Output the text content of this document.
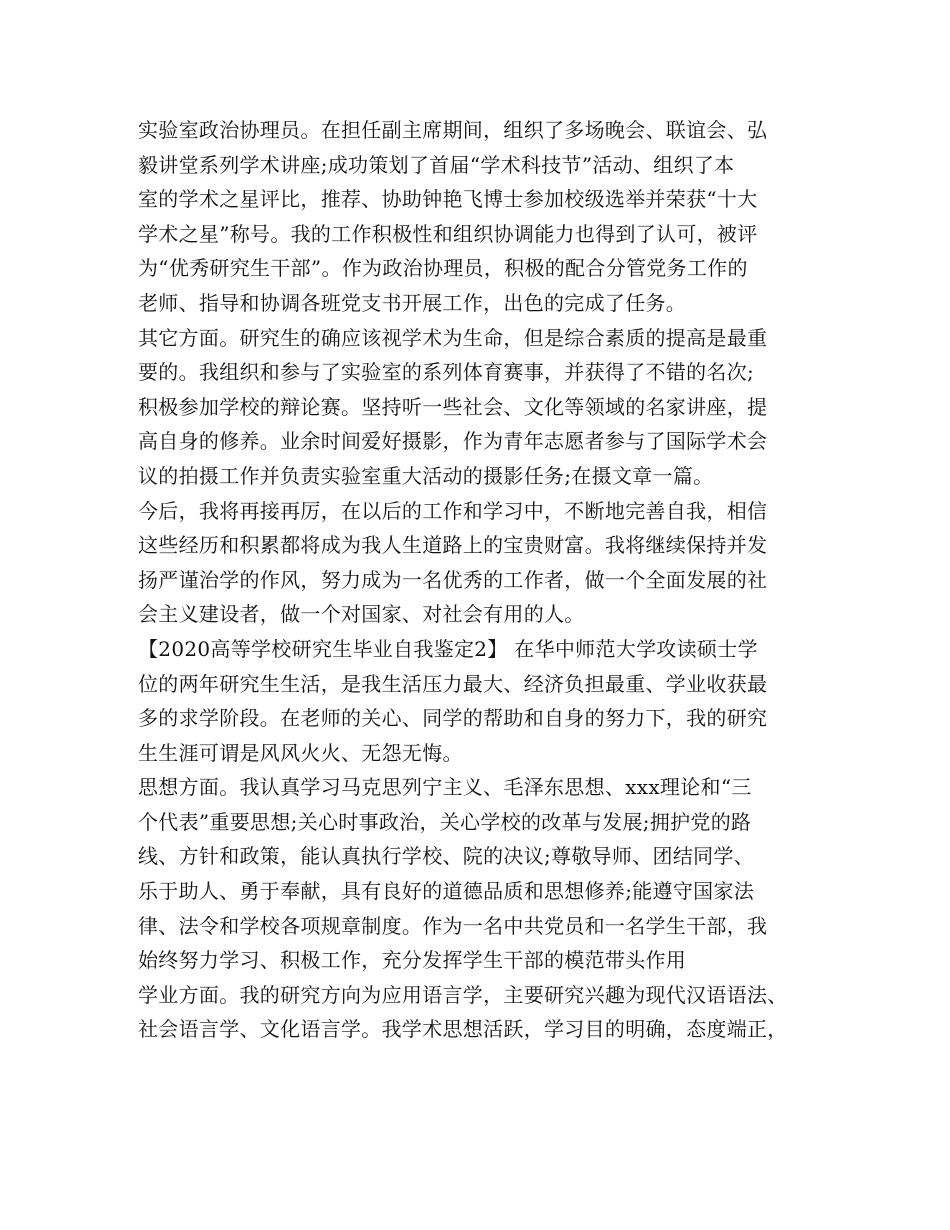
实验室政治协理员。在担任副主席期间，组织了多场晚会、联谊会、弘
毅讲堂系列学术讲座;成功策划了首届“学术科技节”活动、组织了本
室的学术之星评比，推荐、协助钟艳飞博士参加校级选举并荣获“十大
学术之星”称号。我的工作积极性和组织协调能力也得到了认可，被评
为“优秀研究生干部”。作为政治协理员，积极的配合分管党务工作的
老师、指导和协调各班党支书开展工作，出色的完成了任务。
其它方面。研究生的确应该视学术为生命，但是综合素质的提高是最重
要的。我组织和参与了实验室的系列体育赛事，并获得了不错的名次;
积极参加学校的辩论赛。坚持听一些社会、文化等领域的名家讲座，提
高自身的修养。业余时间爱好摄影，作为青年志愿者参与了国际学术会
议的拍摄工作并负责实验室重大活动的摄影任务;在摄文章一篇。
今后，我将再接再厉，在以后的工作和学习中，不断地完善自我，相信
这些经历和积累都将成为我人生道路上的宝贵财富。我将继续保持并发
扬严谨治学的作风，努力成为一名优秀的工作者，做一个全面发展的社
会主义建设者，做一个对国家、对社会有用的人。
【2020高等学校研究生毕业自我鉴定2】 在华中师范大学攻读硕士学
位的两年研究生生活，是我生活压力最大、经济负担最重、学业收获最
多的求学阶段。在老师的关心、同学的帮助和自身的努力下，我的研究
生生涯可谓是风风火火、无怨无悔。
思想方面。我认真学习马克思列宁主义、毛泽东思想、xxx理论和“三
个代表”重要思想;关心时事政治，关心学校的改革与发展;拥护党的路
线、方针和政策，能认真执行学校、院的决议;尊敬导师、团结同学、
乐于助人、勇于奉献，具有良好的道德品质和思想修养;能遵守国家法
律、法令和学校各项规章制度。作为一名中共党员和一名学生干部，我
始终努力学习、积极工作，充分发挥学生干部的模范带头作用
学业方面。我的研究方向为应用语言学，主要研究兴趣为现代汉语语法、
社会语言学、文化语言学。我学术思想活跃，学习目的明确，态度端正，
